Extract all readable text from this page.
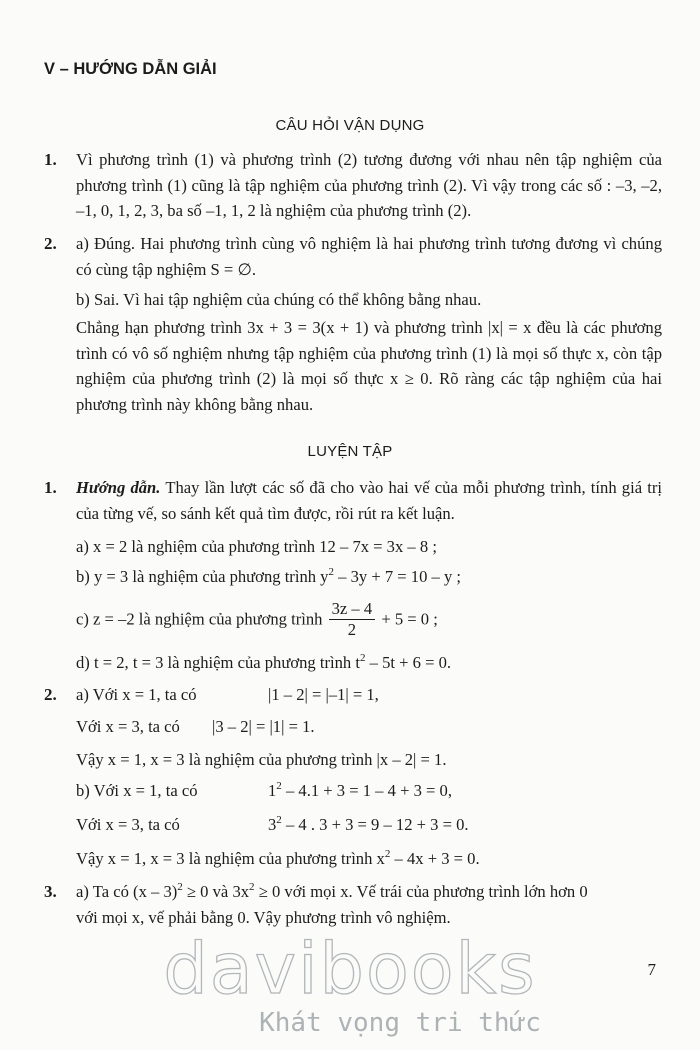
V – HƯỚNG DẪN GIẢI
CÂU HỎI VẬN DỤNG
1. Vì phương trình (1) và phương trình (2) tương đương với nhau nên tập nghiệm của phương trình (1) cũng là tập nghiệm của phương trình (2). Vì vậy trong các số : –3, –2, –1, 0, 1, 2, 3, ba số –1, 1, 2 là nghiệm của phương trình (2).
2. a) Đúng. Hai phương trình cùng vô nghiệm là hai phương trình tương đương vì chúng có cùng tập nghiệm S = ∅.
b) Sai. Vì hai tập nghiệm của chúng có thể không bằng nhau.
Chẳng hạn phương trình 3x + 3 = 3(x + 1) và phương trình |x| = x đều là các phương trình có vô số nghiệm nhưng tập nghiệm của phương trình (1) là mọi số thực x, còn tập nghiệm của phương trình (2) là mọi số thực x ≥ 0. Rõ ràng các tập nghiệm của hai phương trình này không bằng nhau.
LUYỆN TẬP
1. Hướng dẫn. Thay lần lượt các số đã cho vào hai vế của mỗi phương trình, tính giá trị của từng vế, so sánh kết quả tìm được, rồi rút ra kết luận.
a) x = 2 là nghiệm của phương trình 12 – 7x = 3x – 8 ;
b) y = 3 là nghiệm của phương trình $y^2 - 3y + 7 = 10 - y$ ;
c) z = –2 là nghiệm của phương trình $\frac{3z - 4}{2} + 5 = 0$ ;
d) t = 2, t = 3 là nghiệm của phương trình $t^2 - 5t + 6 = 0$.
2. a) Với x = 1, ta có	|1 – 2| = |–1| = 1,
Với x = 3, ta có |3 – 2| = |1| = 1.
Vậy x = 1, x = 3 là nghiệm của phương trình |x – 2| = 1.
b) Với x = 1, ta có	$1^2 - 4.1 + 3 = 1 - 4 + 3 = 0$,
Với x = 3, ta có	$3^2 - 4$ . 3 + 3 = 9 – 12 + 3 = 0.
Vậy x = 1, x = 3 là nghiệm của phương trình $x^2 - 4x + 3 = 0$.
3. a) Ta có (x – 3)$^2$ ≥ 0 và $3x^2 \ge 0$ với mọi x. Vế trái của phương trình lớn hơn 0
với mọi x, vế phải bằng 0. Vậy phương trình vô nghiệm.
7
davibooks
Khát vọng tri thức
